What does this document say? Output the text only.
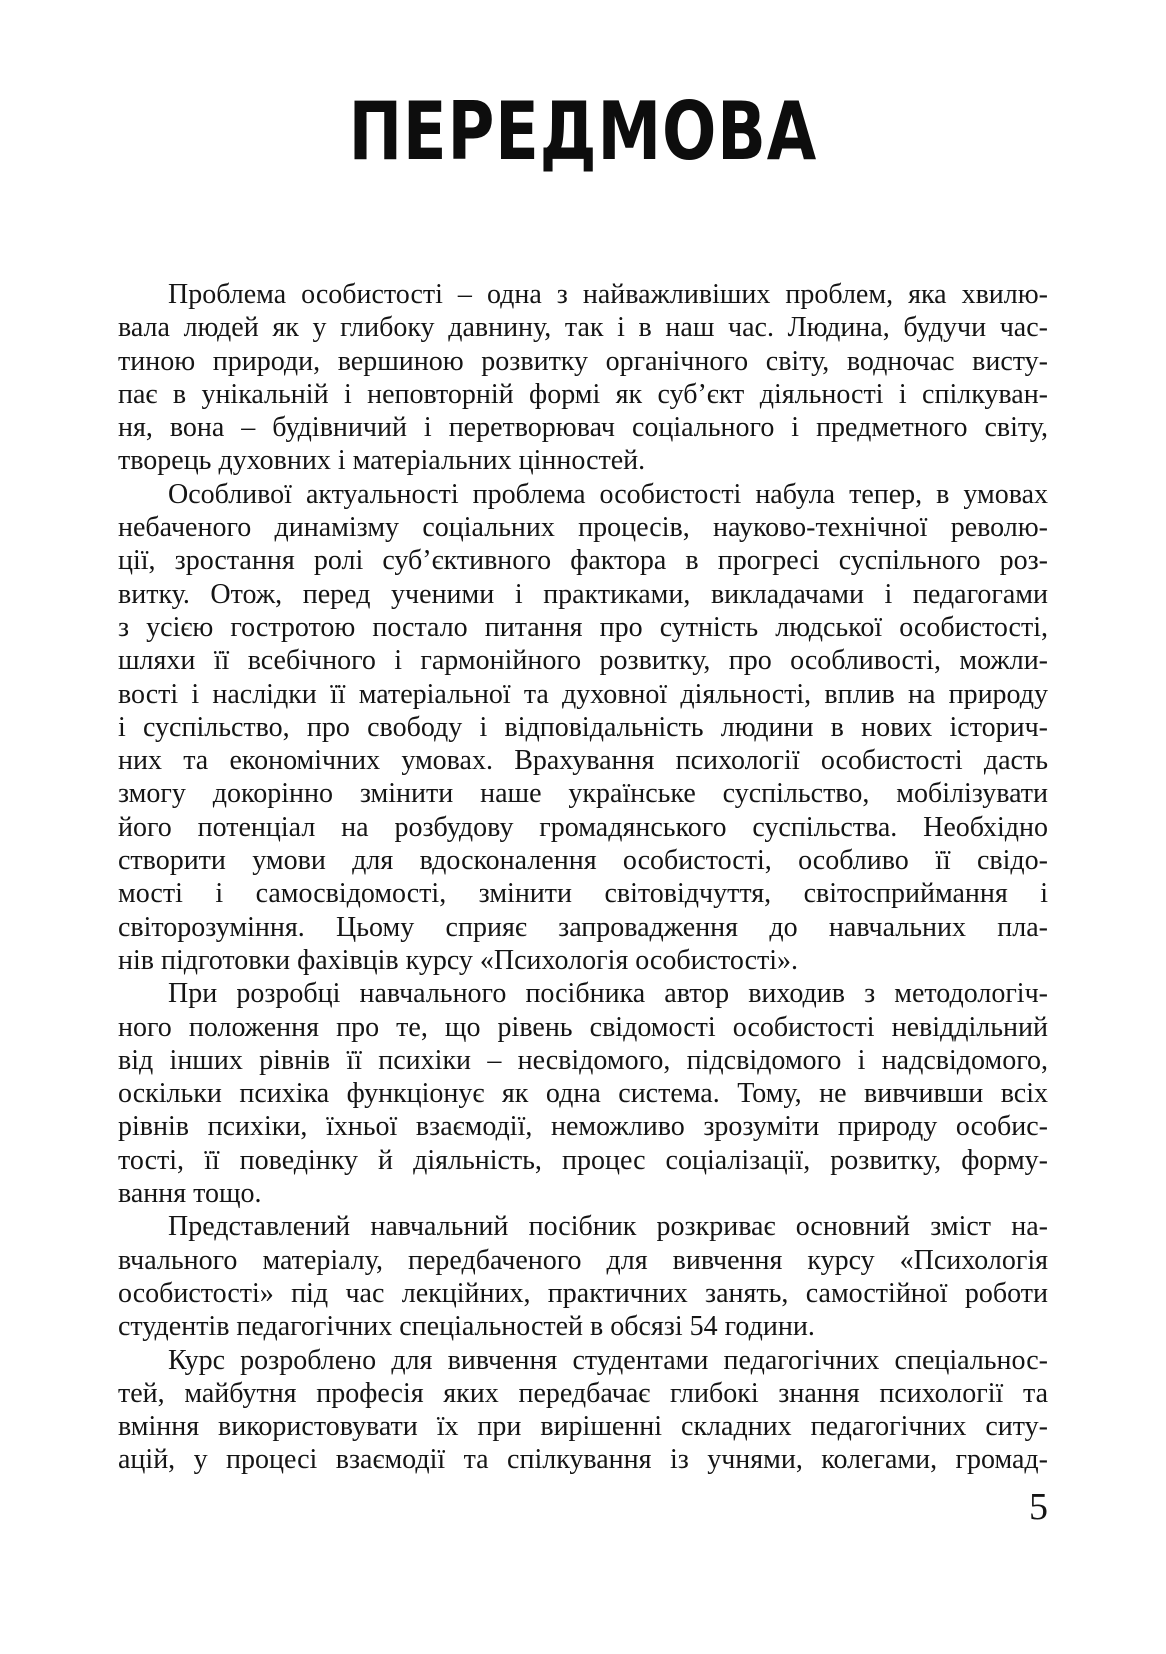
ПЕРЕДМОВА
Проблема особистості – одна з найважливіших проблем, яка хвилю-
вала людей як у глибоку давнину, так і в наш час. Людина, будучи час-
тиною природи, вершиною розвитку органічного світу, водночас висту-
пає в унікальній і неповторній формі як суб’єкт діяльності і спілкуван-
ня, вона – будівничий і перетворювач соціального і предметного світу,
творець духовних і матеріальних цінностей.
Особливої актуальності проблема особистості набула тепер, в умовах
небаченого динамізму соціальних процесів, науково-технічної револю-
ції, зростання ролі суб’єктивного фактора в прогресі суспільного роз-
витку. Отож, перед ученими і практиками, викладачами і педагогами
з усією гостротою постало питання про сутність людської особистості,
шляхи її всебічного і гармонійного розвитку, про особливості, можли-
вості і наслідки її матеріальної та духовної діяльності, вплив на природу
і суспільство, про свободу і відповідальність людини в нових історич-
них та економічних умовах. Врахування психології особистості дасть
змогу докорінно змінити наше українське суспільство, мобілізувати
його потенціал на розбудову громадянського суспільства. Необхідно
створити умови для вдосконалення особистості, особливо її свідо-
мості і самосвідомості, змінити світовідчуття, світосприймання і
світорозуміння. Цьому сприяє запровадження до навчальних пла-
нів підготовки фахівців курсу «Психологія особистості».
При розробці навчального посібника автор виходив з методологіч-
ного положення про те, що рівень свідомості особистості невіддільний
від інших рівнів її психіки – несвідомого, підсвідомого і надсвідомого,
оскільки психіка функціонує як одна система. Тому, не вивчивши всіх
рівнів психіки, їхньої взаємодії, неможливо зрозуміти природу особис-
тості, її поведінку й діяльність, процес соціалізації, розвитку, форму-
вання тощо.
Представлений навчальний посібник розкриває основний зміст на-
вчального матеріалу, передбаченого для вивчення курсу «Психологія
особистості» під час лекційних, практичних занять, самостійної роботи
студентів педагогічних спеціальностей в обсязі 54 години.
Курс розроблено для вивчення студентами педагогічних спеціальнос-
тей, майбутня професія яких передбачає глибокі знання психології та
вміння використовувати їх при вирішенні складних педагогічних ситу-
ацій, у процесі взаємодії та спілкування із учнями, колегами, громад-
5
